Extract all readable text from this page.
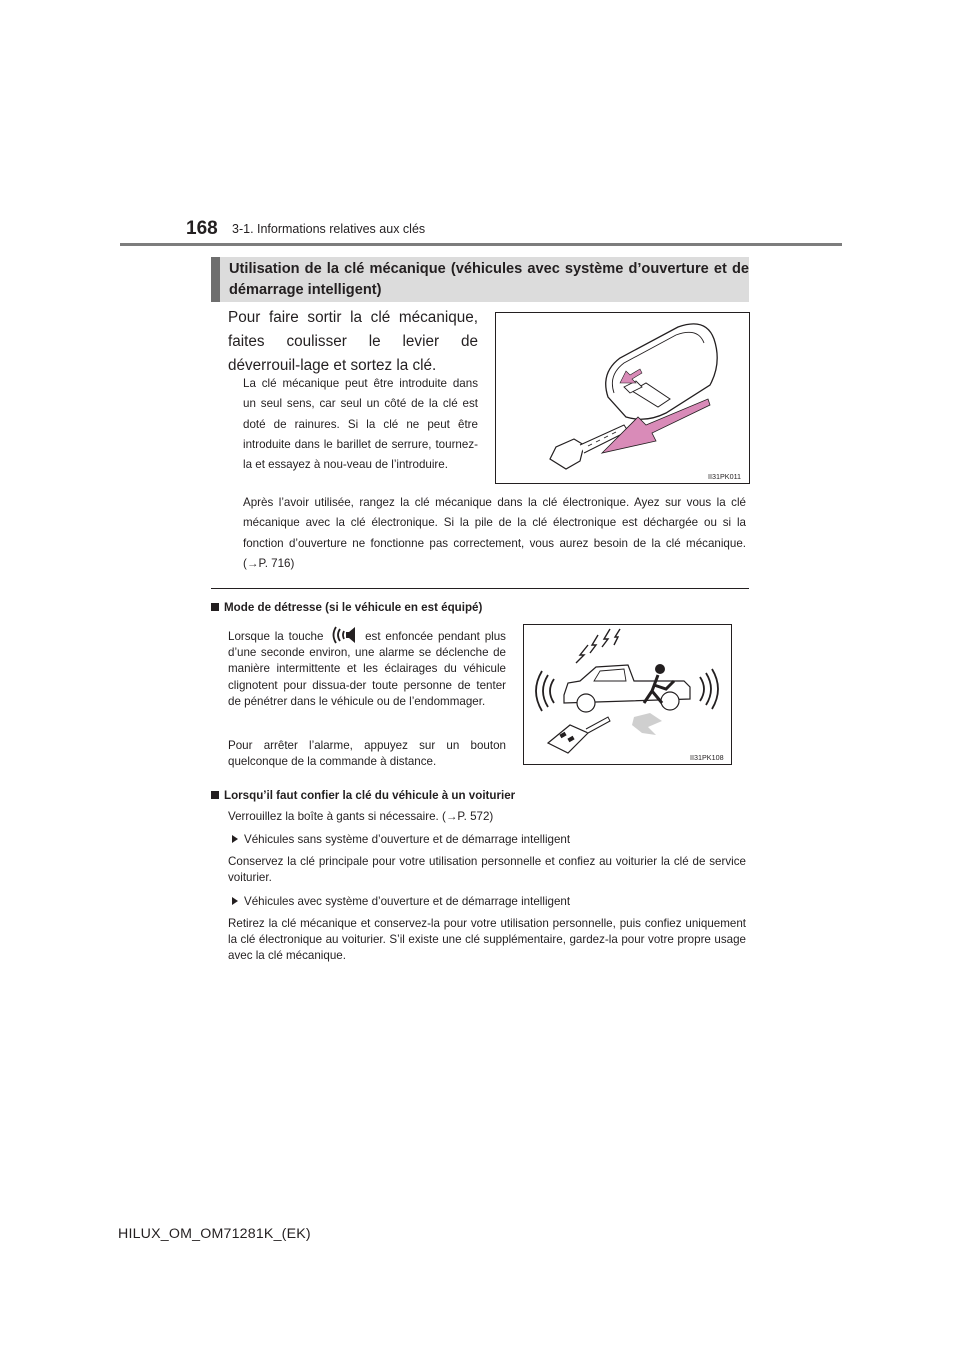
168 3-1. Informations relatives aux clés
Utilisation de la clé mécanique (véhicules avec système d’ouverture et de démarrage intelligent)
Pour faire sortir la clé mécanique, faites coulisser le levier de déverrouil-lage et sortez la clé.
La clé mécanique peut être introduite dans un seul sens, car seul un côté de la clé est doté de rainures. Si la clé ne peut être introduite dans le barillet de serrure, tournez-la et essayez à nou-veau de l’introduire.
II31PK011
Après l’avoir utilisée, rangez la clé mécanique dans la clé électronique. Ayez sur vous la clé mécanique avec la clé électronique. Si la pile de la clé électronique est déchargée ou si la fonction d’ouverture ne fonctionne pas correctement, vous aurez besoin de la clé mécanique. (→P. 716)
Mode de détresse (si le véhicule en est équipé)
Lorsque la touche	est enfoncée pendant plus d’une seconde environ, une alarme se déclenche de manière intermittente et les éclairages du véhicule clignotent pour dissua-der toute personne de tenter de pénétrer dans le véhicule ou de l’endommager.
Pour arrêter l’alarme, appuyez sur un bouton quelconque de la commande à distance.	II31PK108
Lorsqu’il faut confier la clé du véhicule à un voiturier
Verrouillez la boîte à gants si nécessaire. (→P. 572)
Véhicules sans système d’ouverture et de démarrage intelligent
Conservez la clé principale pour votre utilisation personnelle et confiez au voiturier la clé de service voiturier.
Véhicules avec système d’ouverture et de démarrage intelligent
Retirez la clé mécanique et conservez-la pour votre utilisation personnelle, puis confiez uniquement la clé électronique au voiturier. S’il existe une clé supplémentaire, gardez-la pour votre propre usage avec la clé mécanique.
HILUX_OM_OM71281K_(EK)
